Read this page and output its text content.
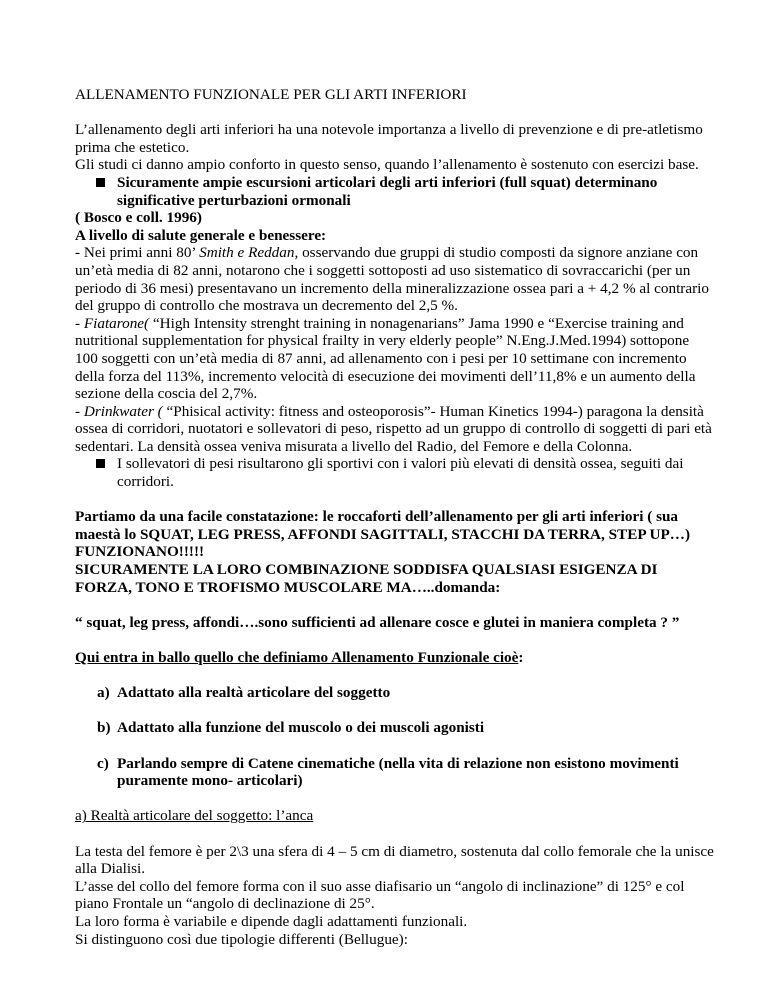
ALLENAMENTO FUNZIONALE PER GLI ARTI INFERIORI

L’allenamento degli arti inferiori ha una notevole importanza a livello di prevenzione e di pre-atletismo prima che estetico.

Gli studi ci danno ampio conforto in questo senso, quando l’allenamento è sostenuto con esercizi base.

Sicuramente ampie escursioni articolari degli arti inferiori (full squat) determinano significative perturbazioni ormonali

( Bosco e coll. 1996)

A livello di salute generale e benessere:

- Nei primi anni 80’ Smith e Reddan, osservando due gruppi di studio composti da signore anziane con un’età media di 82 anni, notarono che i soggetti sottoposti ad uso sistematico di sovraccarichi (per un periodo di 36 mesi) presentavano un incremento della mineralizzazione ossea pari a + 4,2 % al contrario del gruppo di controllo che mostrava un decremento del 2,5 %.

- Fiatarone( “High Intensity strenght training in nonagenarians” Jama 1990 e “Exercise training and nutritional supplementation for physical frailty in very elderly people” N.Eng.J.Med.1994) sottopone 100 soggetti con un’età media di 87 anni, ad allenamento con i pesi per 10 settimane con incremento della forza del 113%, incremento velocità di esecuzione dei movimenti dell’11,8% e un aumento della sezione della coscia del 2,7%.

- Drinkwater ( “Phisical activity: fitness and osteoporosis”- Human Kinetics 1994-) paragona la densità ossea di corridori, nuotatori e sollevatori di peso, rispetto ad un gruppo di controllo di soggetti di pari età sedentari. La densità ossea veniva misurata a livello del Radio, del Femore e della Colonna.

I sollevatori di pesi risultarono gli sportivi con i valori più elevati di densità ossea, seguiti dai corridori.

Partiamo da una facile constatazione: le roccaforti dell’allenamento per gli arti inferiori ( sua maestà lo SQUAT, LEG PRESS, AFFONDI SAGITTALI, STACCHI DA TERRA, STEP UP…) FUNZIONANO!!!!!

SICURAMENTE LA LORO COMBINAZIONE SODDISFA QUALSIASI ESIGENZA DI FORZA, TONO E TROFISMO MUSCOLARE MA…..domanda:

“ squat, leg press, affondi….sono sufficienti ad allenare cosce e glutei in maniera completa ? ”

Qui entra in ballo quello che definiamo Allenamento Funzionale cioè:

a) Adattato alla realtà articolare del soggetto

b) Adattato alla funzione del muscolo o dei muscoli agonisti

c) Parlando sempre di Catene cinematiche (nella vita di relazione non esistono movimenti puramente mono- articolari)

a) Realtà articolare del soggetto: l’anca

La testa del femore è per 2\3 una sfera di 4 – 5 cm di diametro, sostenuta dal collo femorale che la unisce alla Dialisi.

L’asse del collo del femore forma con il suo asse diafisario un “angolo di inclinazione” di 125° e col piano Frontale un “angolo di declinazione di 25°.

La loro forma è variabile e dipende dagli adattamenti funzionali.

Si distinguono così due tipologie differenti (Bellugue):
